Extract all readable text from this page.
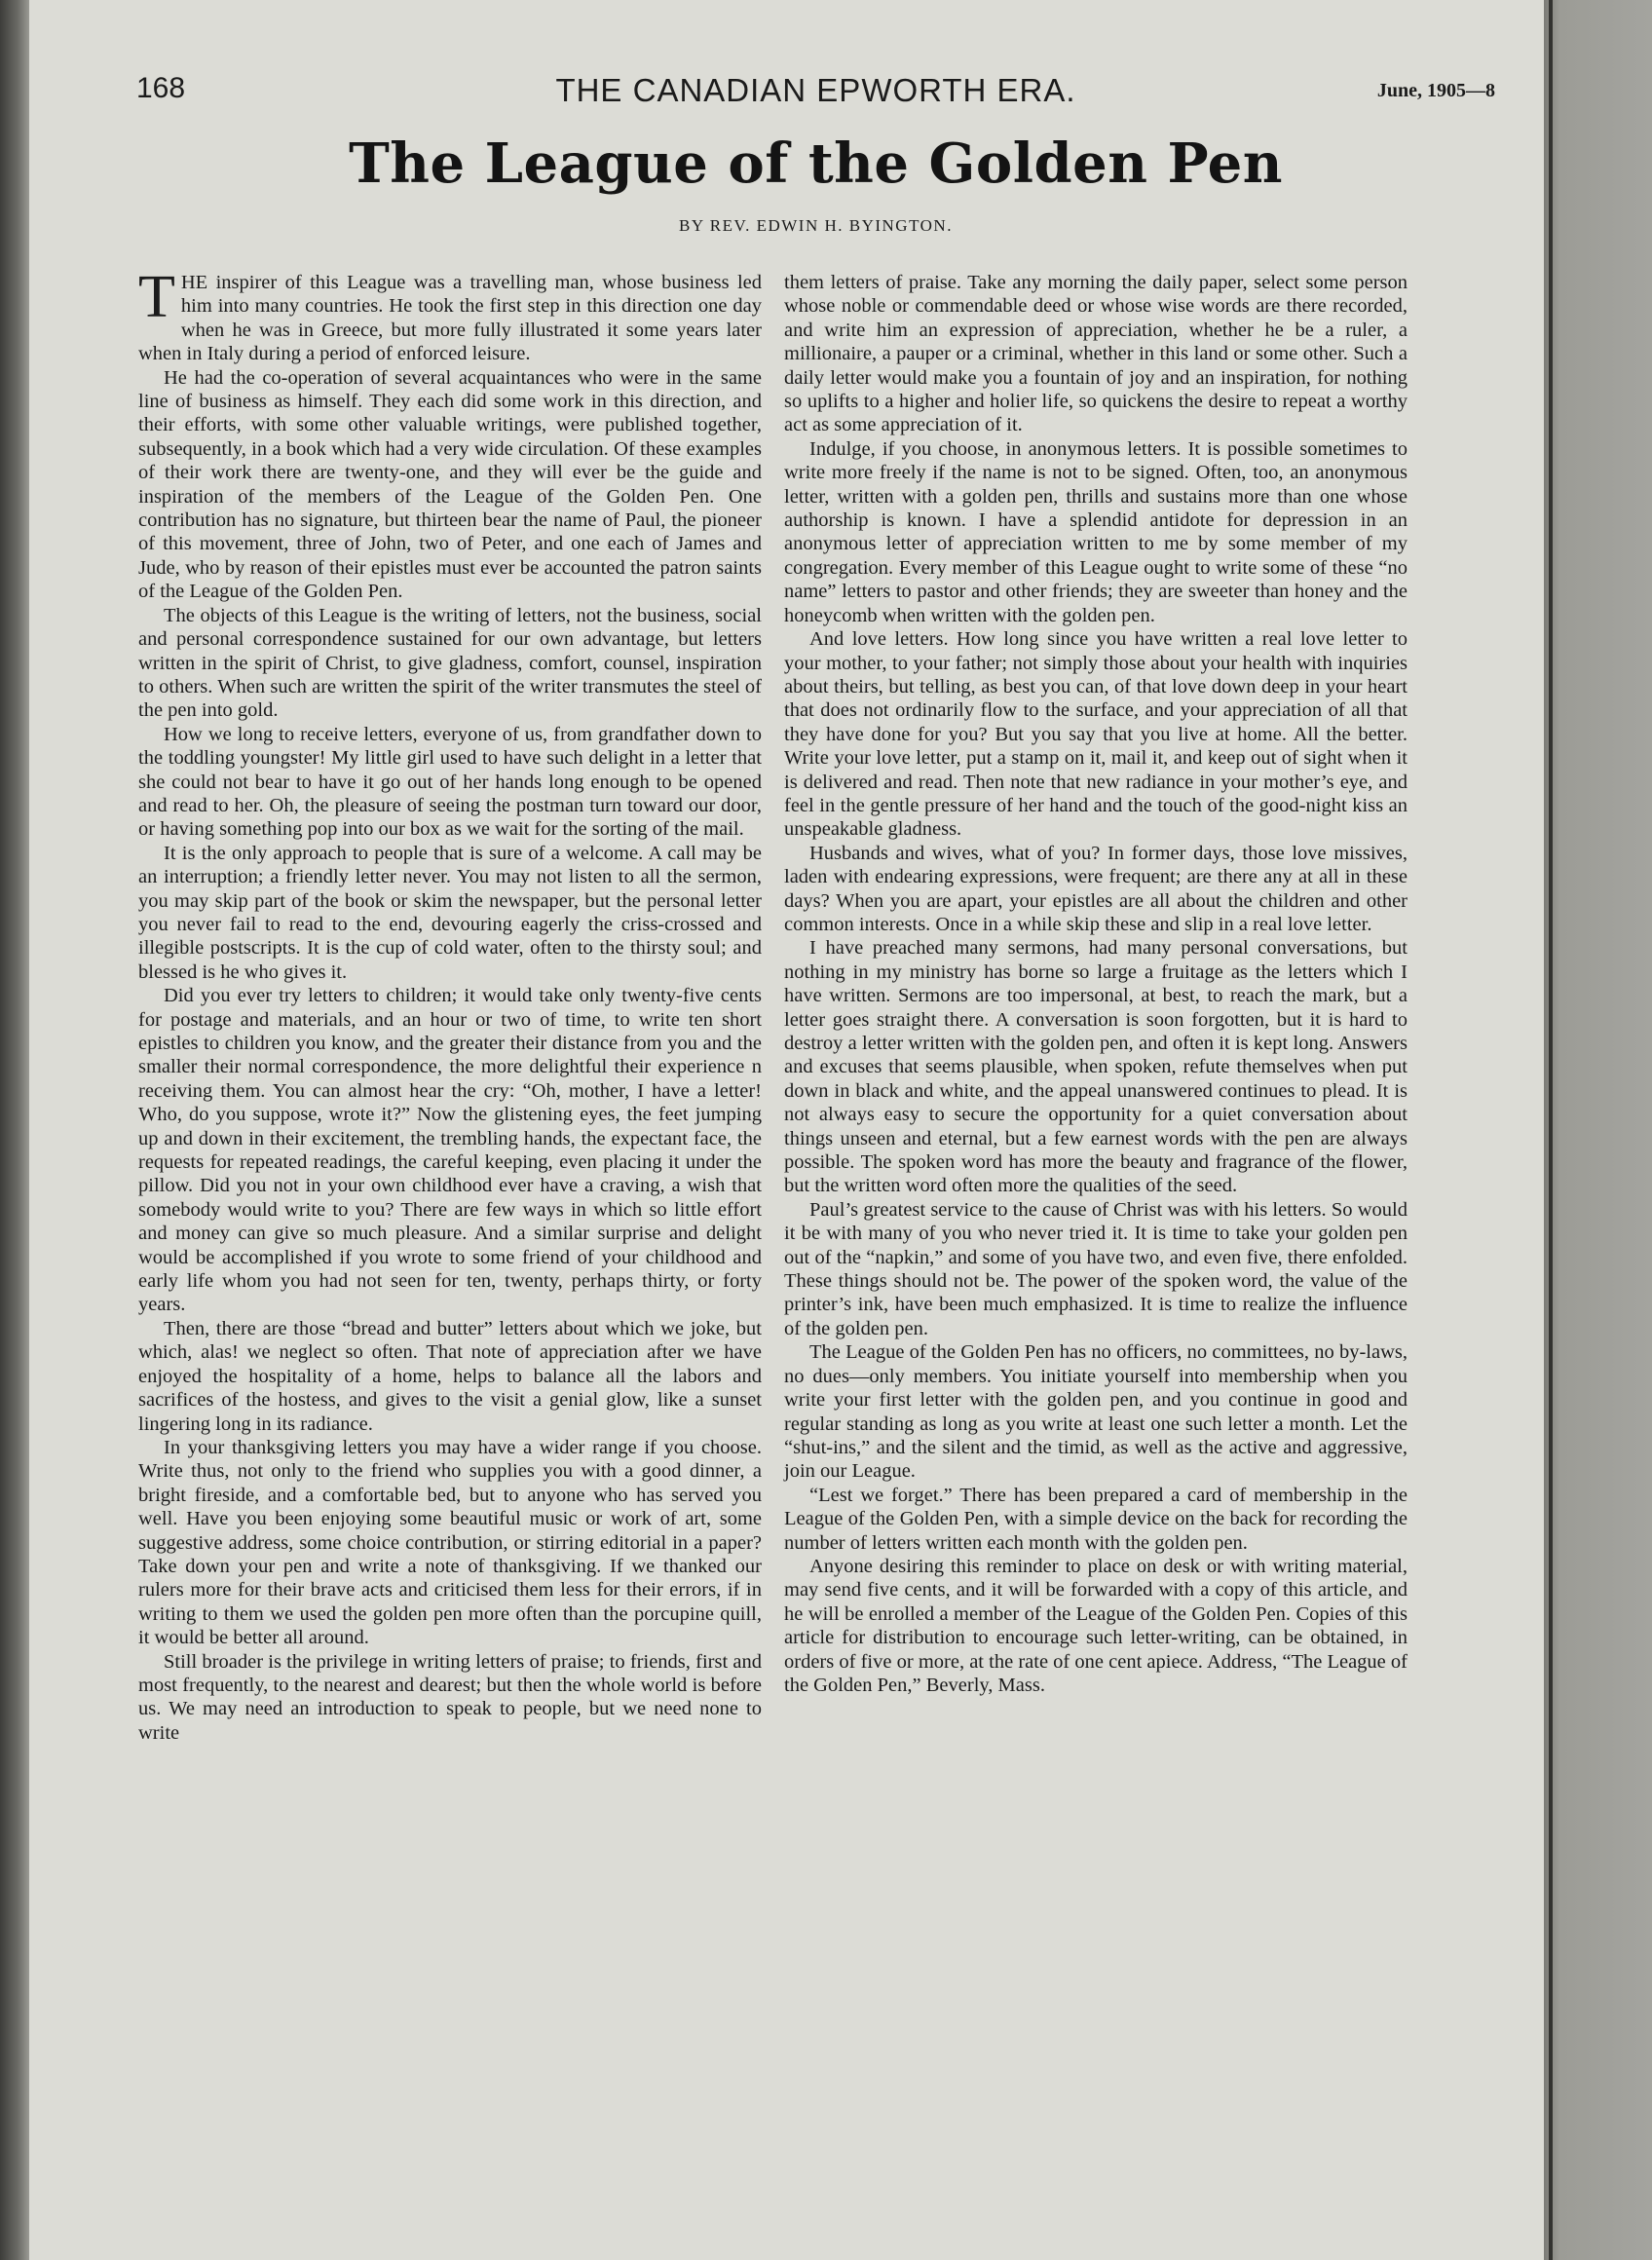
168	THE CANADIAN EPWORTH ERA.	June, 1905—8
The League of the Golden Pen
BY REV. EDWIN H. BYINGTON.

THE inspirer of this League was a travelling man, whose business led him into many countries. He took the first step in this direction one day when he was in Greece, but more fully illustrated it some years later when in Italy during a period of enforced leisure.

He had the co-operation of several acquaintances who were in the same line of business as himself. They each did some work in this direction, and their efforts, with some other valuable writings, were published together, subsequently, in a book which had a very wide circulation. Of these examples of their work there are twenty-one, and they will ever be the guide and inspiration of the members of the League of the Golden Pen. One contribution has no signature, but thirteen bear the name of Paul, the pioneer of this movement, three of John, two of Peter, and one each of James and Jude, who by reason of their epistles must ever be accounted the patron saints of the League of the Golden Pen.

The objects of this League is the writing of letters, not the business, social and personal correspondence sustained for our own advantage, but letters written in the spirit of Christ, to give gladness, comfort, counsel, inspiration to others. When such are written the spirit of the writer transmutes the steel of the pen into gold.

How we long to receive letters, everyone of us, from grandfather down to the toddling youngster! My little girl used to have such delight in a letter that she could not bear to have it go out of her hands long enough to be opened and read to her. Oh, the pleasure of seeing the postman turn toward our door, or having something pop into our box as we wait for the sorting of the mail.

It is the only approach to people that is sure of a welcome. A call may be an interruption; a friendly letter never. You may not listen to all the sermon, you may skip part of the book or skim the newspaper, but the personal letter you never fail to read to the end, devouring eagerly the criss-crossed and illegible postscripts. It is the cup of cold water, often to the thirsty soul; and blessed is he who gives it.

Did you ever try letters to children; it would take only twenty-five cents for postage and materials, and an hour or two of time, to write ten short epistles to children you know, and the greater their distance from you and the smaller their normal correspondence, the more delightful their experience n receiving them. You can almost hear the cry: “Oh, mother, I have a letter! Who, do you suppose, wrote it?” Now the glistening eyes, the feet jumping up and down in their excitement, the trembling hands, the expectant face, the requests for repeated readings, the careful keeping, even placing it under the pillow. Did you not in your own childhood ever have a craving, a wish that somebody would write to you? There are few ways in which so little effort and money can give so much pleasure. And a similar surprise and delight would be accomplished if you wrote to some friend of your childhood and early life whom you had not seen for ten, twenty, perhaps thirty, or forty years.

Then, there are those “bread and butter” letters about which we joke, but which, alas! we neglect so often. That note of appreciation after we have enjoyed the hospitality of a home, helps to balance all the labors and sacrifices of the hostess, and gives to the visit a genial glow, like a sunset lingering long in its radiance.

In your thanksgiving letters you may have a wider range if you choose. Write thus, not only to the friend who supplies you with a good dinner, a bright fireside, and a comfortable bed, but to anyone who has served you well. Have you been enjoying some beautiful music or work of art, some suggestive address, some choice contribution, or stirring editorial in a paper? Take down your pen and write a note of thanksgiving. If we thanked our rulers more for their brave acts and criticised them less for their errors, if in writing to them we used the golden pen more often than the porcupine quill, it would be better all around.

Still broader is the privilege in writing letters of praise; to friends, first and most frequently, to the nearest and dearest; but then the whole world is before us. We may need an introduction to speak to people, but we need none to write

them letters of praise. Take any morning the daily paper, select some person whose noble or commendable deed or whose wise words are there recorded, and write him an expression of appreciation, whether he be a ruler, a millionaire, a pauper or a criminal, whether in this land or some other. Such a daily letter would make you a fountain of joy and an inspiration, for nothing so uplifts to a higher and holier life, so quickens the desire to repeat a worthy act as some appreciation of it.

Indulge, if you choose, in anonymous letters. It is possible sometimes to write more freely if the name is not to be signed. Often, too, an anonymous letter, written with a golden pen, thrills and sustains more than one whose authorship is known. I have a splendid antidote for depression in an anonymous letter of appreciation written to me by some member of my congregation. Every member of this League ought to write some of these “no name” letters to pastor and other friends; they are sweeter than honey and the honeycomb when written with the golden pen.

And love letters. How long since you have written a real love letter to your mother, to your father; not simply those about your health with inquiries about theirs, but telling, as best you can, of that love down deep in your heart that does not ordinarily flow to the surface, and your appreciation of all that they have done for you? But you say that you live at home. All the better. Write your love letter, put a stamp on it, mail it, and keep out of sight when it is delivered and read. Then note that new radiance in your mother’s eye, and feel in the gentle pressure of her hand and the touch of the good-night kiss an unspeakable gladness.

Husbands and wives, what of you? In former days, those love missives, laden with endearing expressions, were frequent; are there any at all in these days? When you are apart, your epistles are all about the children and other common interests. Once in a while skip these and slip in a real love letter.

I have preached many sermons, had many personal conversations, but nothing in my ministry has borne so large a fruitage as the letters which I have written. Sermons are too impersonal, at best, to reach the mark, but a letter goes straight there. A conversation is soon forgotten, but it is hard to destroy a letter written with the golden pen, and often it is kept long. Answers and excuses that seems plausible, when spoken, refute themselves when put down in black and white, and the appeal unanswered continues to plead. It is not always easy to secure the opportunity for a quiet conversation about things unseen and eternal, but a few earnest words with the pen are always possible. The spoken word has more the beauty and fragrance of the flower, but the written word often more the qualities of the seed.

Paul’s greatest service to the cause of Christ was with his letters. So would it be with many of you who never tried it. It is time to take your golden pen out of the “napkin,” and some of you have two, and even five, there enfolded. These things should not be. The power of the spoken word, the value of the printer’s ink, have been much emphasized. It is time to realize the influence of the golden pen.

The League of the Golden Pen has no officers, no committees, no by-laws, no dues—only members. You initiate yourself into membership when you write your first letter with the golden pen, and you continue in good and regular standing as long as you write at least one such letter a month. Let the “shut-ins,” and the silent and the timid, as well as the active and aggressive, join our League.

“Lest we forget.” There has been prepared a card of membership in the League of the Golden Pen, with a simple device on the back for recording the number of letters written each month with the golden pen.

Anyone desiring this reminder to place on desk or with writing material, may send five cents, and it will be forwarded with a copy of this article, and he will be enrolled a member of the League of the Golden Pen. Copies of this article for distribution to encourage such letter-writing, can be obtained, in orders of five or more, at the rate of one cent apiece. Address, “The League of the Golden Pen,” Beverly, Mass.
